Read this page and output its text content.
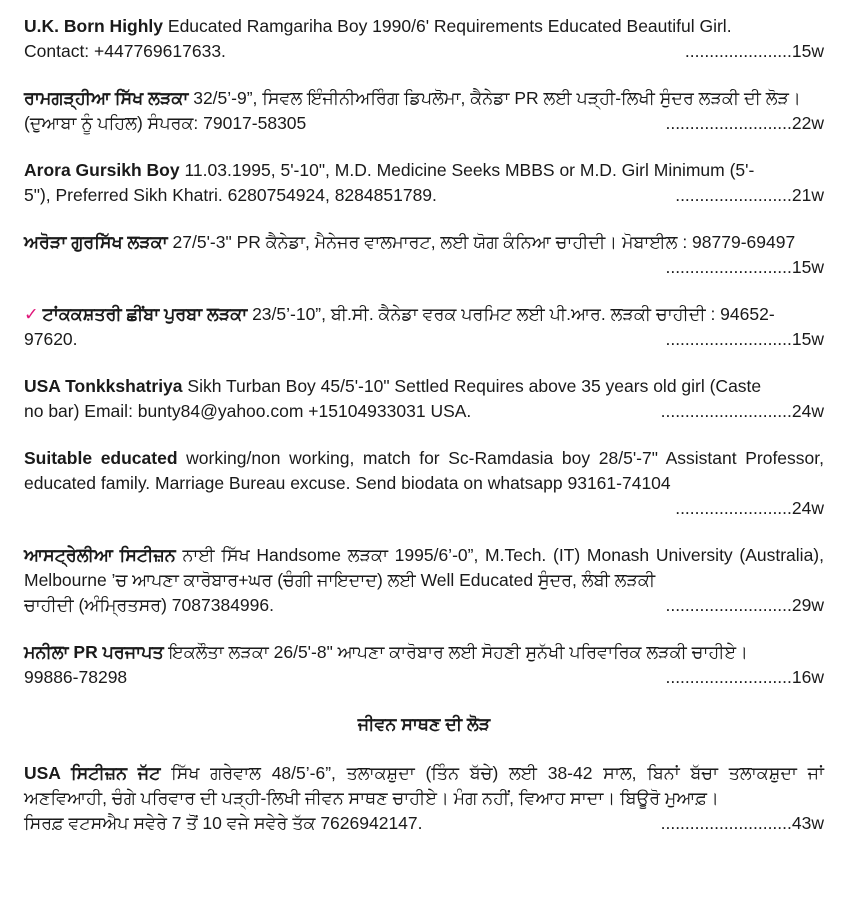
U.K. Born Highly Educated Ramgariha Boy 1990/6' Requirements Educated Beautiful Girl.
Contact: +447769617633.	......................15w
ਰਾਮਗੜ੍ਹੀਆ ਸਿੱਖ ਲੜਕਾ 32/5’-9”, ਸਿਵਲ ਇੰਜੀਨੀਅਰਿੰਗ ਡਿਪਲੋਮਾ, ਕੈਨੇਡਾ PR ਲਈ ਪੜ੍ਹੀ-ਲਿਖੀ ਸੁੰਦਰ ਲੜਕੀ ਦੀ ਲੋੜ।
(ਦੁਆਬਾ ਨੂੰ ਪਹਿਲ) ਸੰਪਰਕ: 79017-58305	..........................22w
Arora Gursikh Boy 11.03.1995, 5'-10", M.D. Medicine Seeks MBBS or M.D. Girl Minimum (5'-
5"), Preferred Sikh Khatri. 6280754924, 8284851789.	........................21w
ਅਰੋੜਾ ਗੁਰਸਿੱਖ ਲੜਕਾ 27/5'-3" PR ਕੈਨੇਡਾ, ਮੈਨੇਜਰ ਵਾਲਮਾਰਟ, ਲਈ ਯੋਗ ਕੰਨਿਆ ਚਾਹੀਦੀ। ਮੋਬਾਈਲ : 98779-69497
..........................15w
✓ ਟਾਂਕਕਸ਼ਤਰੀ ਛੀਂਬਾ ਪੁਰਬਾ ਲੜਕਾ 23/5’-10”, ਬੀ.ਸੀ. ਕੈਨੇਡਾ ਵਰਕ ਪਰਮਿਟ ਲਈ ਪੀ.ਆਰ. ਲੜਕੀ ਚਾਹੀਦੀ : 94652-
97620.	..........................15w
USA Tonkkshatriya Sikh Turban Boy 45/5'-10" Settled Requires above 35 years old girl (Caste
no bar) Email: bunty84@yahoo.com +15104933031 USA.	...........................24w
Suitable educated working/non working, match for Sc-Ramdasia boy 28/5'-7" Assistant Professor, educated family. Marriage Bureau excuse. Send biodata on whatsapp 93161-74104
........................24w
ਆਸਟ੍ਰੇਲੀਆ ਸਿਟੀਜ਼ਨ ਨਾਈ ਸਿੱਖ Handsome ਲੜਕਾ 1995/6’-0”, M.Tech. (IT) Monash University (Australia), Melbourne ’ਚ ਆਪਣਾ ਕਾਰੋਬਾਰ+ਘਰ (ਚੰਗੀ ਜਾਇਦਾਦ) ਲਈ Well Educated ਸੁੰਦਰ, ਲੰਬੀ ਲੜਕੀ
ਚਾਹੀਦੀ (ਅੰਮ੍ਰਿਤਸਰ) 7087384996.	..........................29w
ਮਨੀਲਾ PR ਪਰਜਾਪਤ ਇਕਲੌਤਾ ਲੜਕਾ 26/5'-8" ਆਪਣਾ ਕਾਰੋਬਾਰ ਲਈ ਸੋਹਣੀ ਸੁਨੱਖੀ ਪਰਿਵਾਰਿਕ ਲੜਕੀ ਚਾਹੀਏ।
99886-78298	..........................16w
ਜੀਵਨ ਸਾਥਣ ਦੀ ਲੋੜ
USA ਸਿਟੀਜ਼ਨ ਜੱਟ ਸਿੱਖ ਗਰੇਵਾਲ 48/5’-6”, ਤਲਾਕਸ਼ੁਦਾ (ਤਿੰਨ ਬੱਚੇ) ਲਈ 38-42 ਸਾਲ, ਬਿਨਾਂ ਬੱਚਾ ਤਲਾਕਸ਼ੁਦਾ ਜਾਂ ਅਣਵਿਆਹੀ, ਚੰਗੇ ਪਰਿਵਾਰ ਦੀ ਪੜ੍ਹੀ-ਲਿਖੀ ਜੀਵਨ ਸਾਥਣ ਚਾਹੀਏ। ਮੰਗ ਨਹੀਂ, ਵਿਆਹ ਸਾਦਾ। ਬਿਊਰੋ ਮੁਆਫ਼।
ਸਿਰਫ਼ ਵਟਸਐਪ ਸਵੇਰੇ 7 ਤੋਂ 10 ਵਜੇ ਸਵੇਰੇ ਤੱਕ 7626942147.	...........................43w
